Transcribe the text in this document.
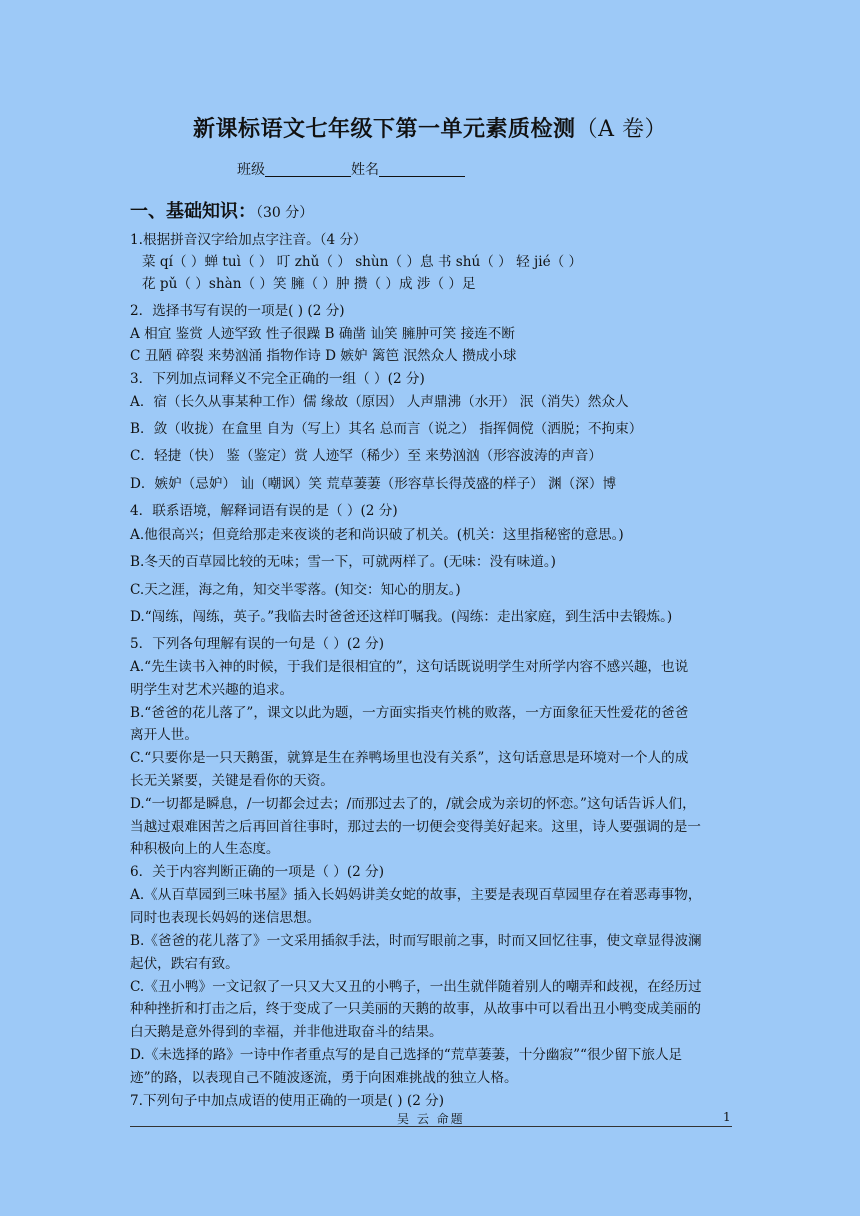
新课标语文七年级下第一单元素质检测（A 卷）
班级	姓名
一、基础知识：（30 分）
1.根据拼音汉字给加点字注音。（4 分）
菜 qí（ ）蝉 tuì（ ） 叮 zhǔ（ ） shùn（ ）息 书 shú（ ） 轻 jié（ ）
花 pǔ（ ）shàn（ ）笑 臃（ ）肿 攒（ ）成 涉（ ）足
2．选择书写有误的一项是( ) (2 分)
A 相宜 鉴赏 人迹罕致 性子很躁 B 确凿 讪笑 臃肿可笑 接连不断
C 丑陋 碎裂 来势汹涌 指物作诗 D 嫉妒 篱笆 泯然众人 攒成小球
3．下列加点词释义不完全正确的一组（ ）(2 分)
A．宿（长久从事某种工作）儒 缘故（原因） 人声鼎沸（水开） 泯（消失）然众人
B．敛（收拢）在盒里 自为（写上）其名 总而言（说之） 指挥倜傥（洒脱；不拘束）
C．轻捷（快） 鉴（鉴定）赏 人迹罕（稀少）至 来势汹汹（形容波涛的声音）
D．嫉妒（忌妒） 讪（嘲讽）笑 荒草萋萋（形容草长得茂盛的样子） 渊（深）博
4．联系语境，解释词语有误的是（ ）(2 分)
A.他很高兴；但竟给那走来夜谈的老和尚识破了机关。(机关：这里指秘密的意思。)
B.冬天的百草园比较的无味；雪一下，可就两样了。(无味：没有味道。)
C.天之涯，海之角，知交半零落。(知交：知心的朋友。)
D.“闯练，闯练，英子。”我临去时爸爸还这样叮嘱我。(闯练：走出家庭，到生活中去锻炼。)
5．下列各句理解有误的一句是（ ）(2 分)
A.“先生读书入神的时候，于我们是很相宜的”，这句话既说明学生对所学内容不感兴趣，也说
明学生对艺术兴趣的追求。
B.“爸爸的花儿落了”，课文以此为题，一方面实指夹竹桃的败落，一方面象征天性爱花的爸爸
离开人世。
C.“只要你是一只天鹅蛋，就算是生在养鸭场里也没有关系”，这句话意思是环境对一个人的成
长无关紧要，关键是看你的天资。
D.“一切都是瞬息，/一切都会过去；/而那过去了的，/就会成为亲切的怀恋。”这句话告诉人们，
当越过艰难困苦之后再回首往事时，那过去的一切便会变得美好起来。这里，诗人要强调的是一
种积极向上的人生态度。
6．关于内容判断正确的一项是（ ）(2 分)
A.《从百草园到三味书屋》插入长妈妈讲美女蛇的故事，主要是表现百草园里存在着恶毒事物，
同时也表现长妈妈的迷信思想。
B.《爸爸的花儿落了》一文采用插叙手法，时而写眼前之事，时而又回忆往事，使文章显得波澜
起伏，跌宕有致。
C.《丑小鸭》一文记叙了一只又大又丑的小鸭子，一出生就伴随着别人的嘲弄和歧视，在经历过
种种挫折和打击之后，终于变成了一只美丽的天鹅的故事，从故事中可以看出丑小鸭变成美丽的
白天鹅是意外得到的幸福，并非他进取奋斗的结果。
D.《未选择的路》一诗中作者重点写的是自己选择的“荒草萋萋，十分幽寂”“很少留下旅人足
迹”的路，以表现自己不随波逐流，勇于向困难挑战的独立人格。
7.下列句子中加点成语的使用正确的一项是( ) (2 分)
吴 云 命题	1
